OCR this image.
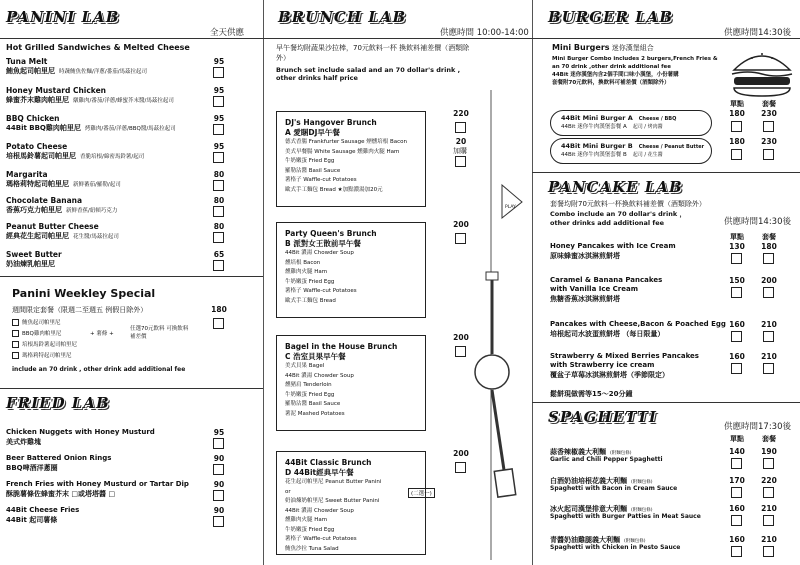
PANINI LAB
全天供應
Hot Grilled Sandwiches & Melted Cheese
Tuna Melt
鮪魚起司帕里尼 時蔬鮪魚佐麵/洋蔥/番茄/馬茲拉起司
95
Honey Mustard Chicken
蜂蜜芥末雞肉帕里尼 燉雞肉/番茄/洋蔥/蜂蜜芥末醬/馬茲拉起司
95
BBQ Chicken
44Bit BBQ雞肉帕里尼 烤雞肉/番茄/洋蔥/BBQ醬/馬茲拉起司
95
Potato Cheese
培根馬鈴薯起司帕里尼 香脆培根/綿密馬鈴薯/起司
95
Margarita
瑪格莉特起司帕里尼 新鮮蕃茄/羅勒/起司
80
Chocolate Banana
香蕉巧克力帕里尼 新鮮香蕉/紐頓巧克力
80
Peanut Butter Cheese
經典花生起司帕里尼 花生醬/馬茲拉起司
80
Sweet Butter
奶油煉乳帕里尼
65
Panini Weekley Special
週間限定套餐（限週二至週五 例假日除外）	180
鮪魚起司帕里尼
BBQ雞肉帕里尼
培根馬鈴薯起司帕里尼
瑪格莉特起司帕里尼
+ 薯條 +
任選70元飲料 可換飲料補差價
include an 70 drink , other drink add additional fee
FRIED LAB
Chicken Nuggets with Honey Musturd
美式炸雞塊
95
Beer Battered Onion Rings
BBQ啤酒洋蔥圈
90
French Fries with Honey Musturd or Tartar Dip
酥脆薯條佐蜂蜜芥末 □或塔塔醬 □
90
44Bit Cheese Fries
44Bit 起司薯條
90
BRUNCH LAB
供應時間 10:00-14:00
早午餐均附蔬果沙拉棒，70元飲料一杯 換飲料補差價（酒類除外）
Brunch set include salad and an 70 dollar's drink , other drinks half price
DJ's Hangover Brunch
A 愛睏DJ早午餐
德式香腸 Frankfurter Sausage 煙燻培根 Bacon
美式早餐腸 White Sausage 燻雞肉火腿 Ham
牛奶嫩蛋 Fried Egg
羅勒沾醬 Basil Sauce
薯格子 Waffle-cut Potatoes
歐式手工麵包 Bread ★加點濃湯加20元
220
Party Queen's Brunch
B 派對女王散前早午餐
44Bit 濃湯 Chowder Soup
燻培根 Bacon
燻雞肉火腿 Ham
牛奶嫩蛋 Fried Egg
薯格子 Waffle-cut Potatoes
歐式手工麵包 Bread
200
Bagel in the House Brunch
C 浩室貝果早午餐
美式貝果 Bagel
44Bit 濃湯 Chowder Soup
燻豬肩 Tenderloin
牛奶嫩蛋 Fried Egg
羅勒沾醬 Basil Sauce
薯泥 Mashed Potatoes
200
44Bit Classic Brunch
D 44Bit經典早午餐
花生起司帕里尼 Peanut Butter Panini
or
奶油煉奶帕里尼 Sweet Butter Panini
44Bit 濃湯 Chowder Soup
燻雞肉火腿 Ham
牛奶嫩蛋 Fried Egg
薯格子 Waffle-cut Potatoes
鮪魚沙拉 Tuna Salad
200
(二選一)
20
加購
PLAY
BURGER LAB
供應時間14:30後
Mini Burgers 迷你漢堡組合
Mini Burger Combo includes 2 burgers,French Fries &
an 70 drink ,other drink additional fee
44Bit 迷你漢堡內含2個手間口味小漢堡，小份薯購
套餐附70元飲料，換飲料可補差價（酒類除外）
單點	套餐
44Bit Mini Burger A Cheese / BBQ
44Bit 迷你牛肉漢堡套餐 A 起司 / 烤肉醬
180	230
44Bit Mini Burger B Cheese / Peanut Butter
44Bit 迷你牛肉漢堡套餐 B 起司 / 花生醬
180	230
PANCAKE LAB
套餐均附70元飲料一杯換飲料補差價（酒類除外）
Combo include an 70 dollar's drink ，
other drinks add additional fee	供應時間14:30後
單點	套餐
Honey Pancakes with Ice Cream
原味蜂蜜冰淇淋煎餅塔
130	180
Caramel & Banana Pancakes
with Vanilla Ice Cream
焦糖香蕉冰淇淋煎餅塔
150	200
Pancakes with Cheese,Bacon & Poached Egg
培根起司水波蛋煎餅塔 （每日限量）
160	210
Strawberry & Mixed Berries Pancakes
with Strawberry ice cream
覆盆子草莓冰淇淋煎餅塔（季節限定）
160	210
鬆餅現做需等15～20分鐘
SPAGHETTI
供應時間17:30後
單點	套餐
蒜香辣椒義大利麵 (附麵包條)
Garlic and Chili Pepper Spaghetti
140	190
白酒奶油培根花義大利麵 (附麵包條)
Spaghetti with Bacon in Cream Sauce
170	220
冰火起司漢堡排意大利麵 (附麵包條)
Spaghetti with Burger Patties in Meat Sauce
160	210
青醬奶油雞腿義大利麵 (附麵包條)
Spaghetti with Chicken in Pesto Sauce
160	210
